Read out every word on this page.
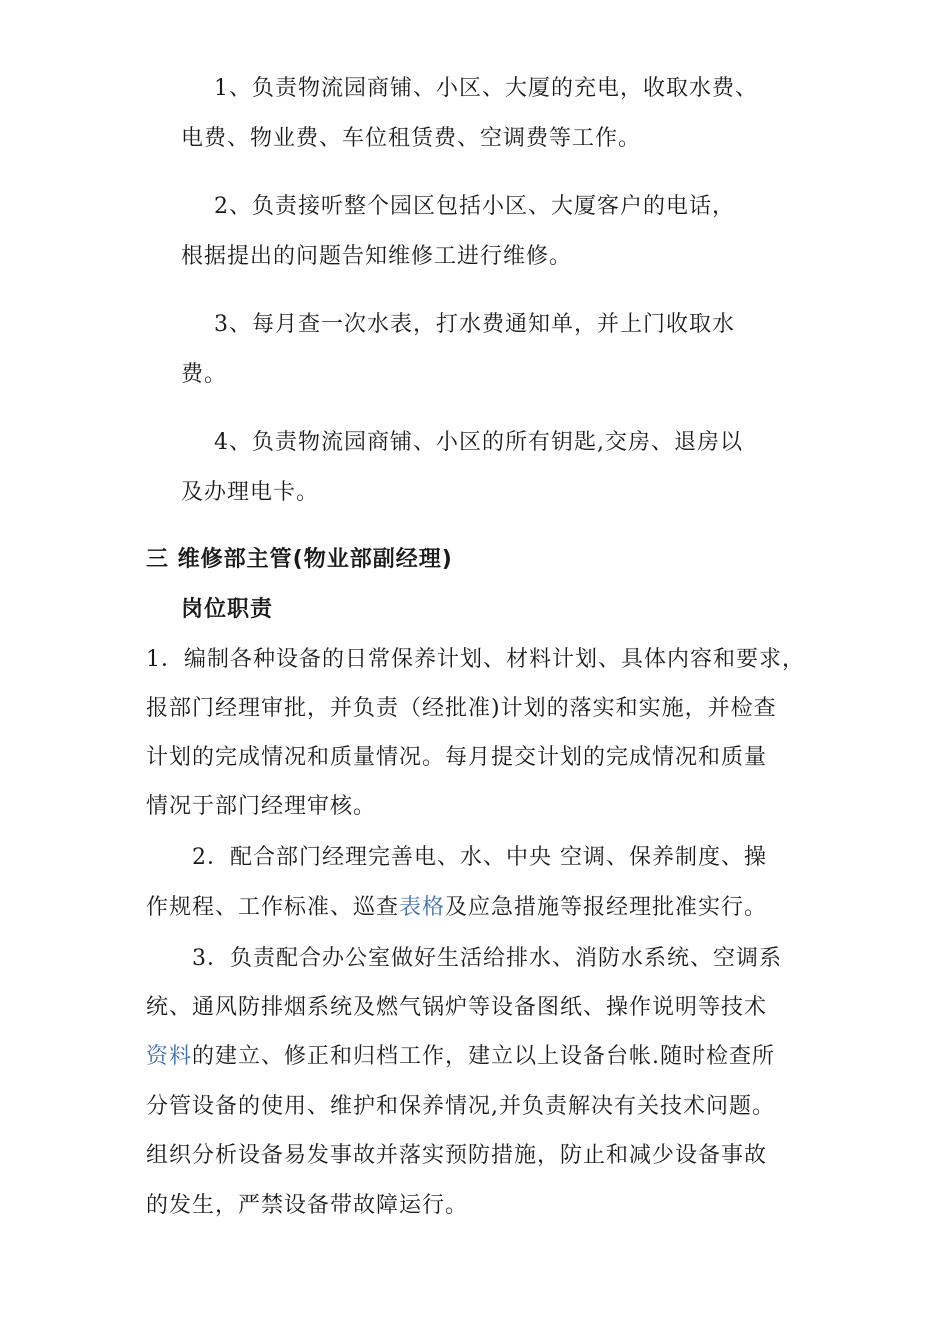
1、负责物流园商铺、小区、大厦的充电，收取水费、
电费、物业费、车位租赁费、空调费等工作。
2、负责接听整个园区包括小区、大厦客户的电话，
根据提出的问题告知维修工进行维修。
3、每月查一次水表，打水费通知单，并上门收取水
费。
4、负责物流园商铺、小区的所有钥匙,交房、退房以
及办理电卡。
三 维修部主管(物业部副经理)
岗位职责
1．编制各种设备的日常保养计划、材料计划、具体内容和要求，
报部门经理审批，并负责（经批准)计划的落实和实施，并检查
计划的完成情况和质量情况。每月提交计划的完成情况和质量
情况于部门经理审核。
2．配合部门经理完善电、水、中央 空调、保养制度、操
作规程、工作标准、巡查表格及应急措施等报经理批准实行。
3．负责配合办公室做好生活给排水、消防水系统、空调系
统、通风防排烟系统及燃气锅炉等设备图纸、操作说明等技术
资料的建立、修正和归档工作，建立以上设备台帐.随时检查所
分管设备的使用、维护和保养情况,并负责解决有关技术问题。
组织分析设备易发事故并落实预防措施，防止和减少设备事故
的发生，严禁设备带故障运行。
